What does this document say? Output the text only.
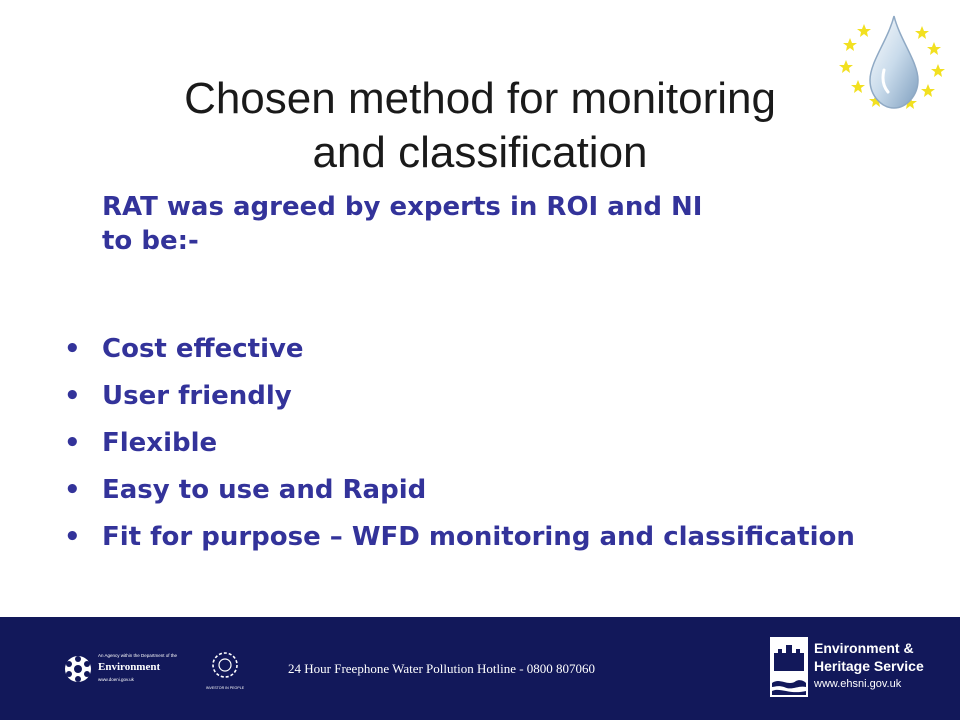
Chosen method for monitoring
and classification
RAT was agreed by experts in ROI and NI
to be:-
• Cost effective
• User friendly
• Flexible
• Easy to use and Rapid
• Fit for purpose – WFD monitoring and classification
An Agency within the Department of the
Environment
www.doeni.gov.uk
INVESTOR IN PEOPLE
24 Hour Freephone Water Pollution Hotline - 0800 807060
Environment &
Heritage Service
www.ehsni.gov.uk
